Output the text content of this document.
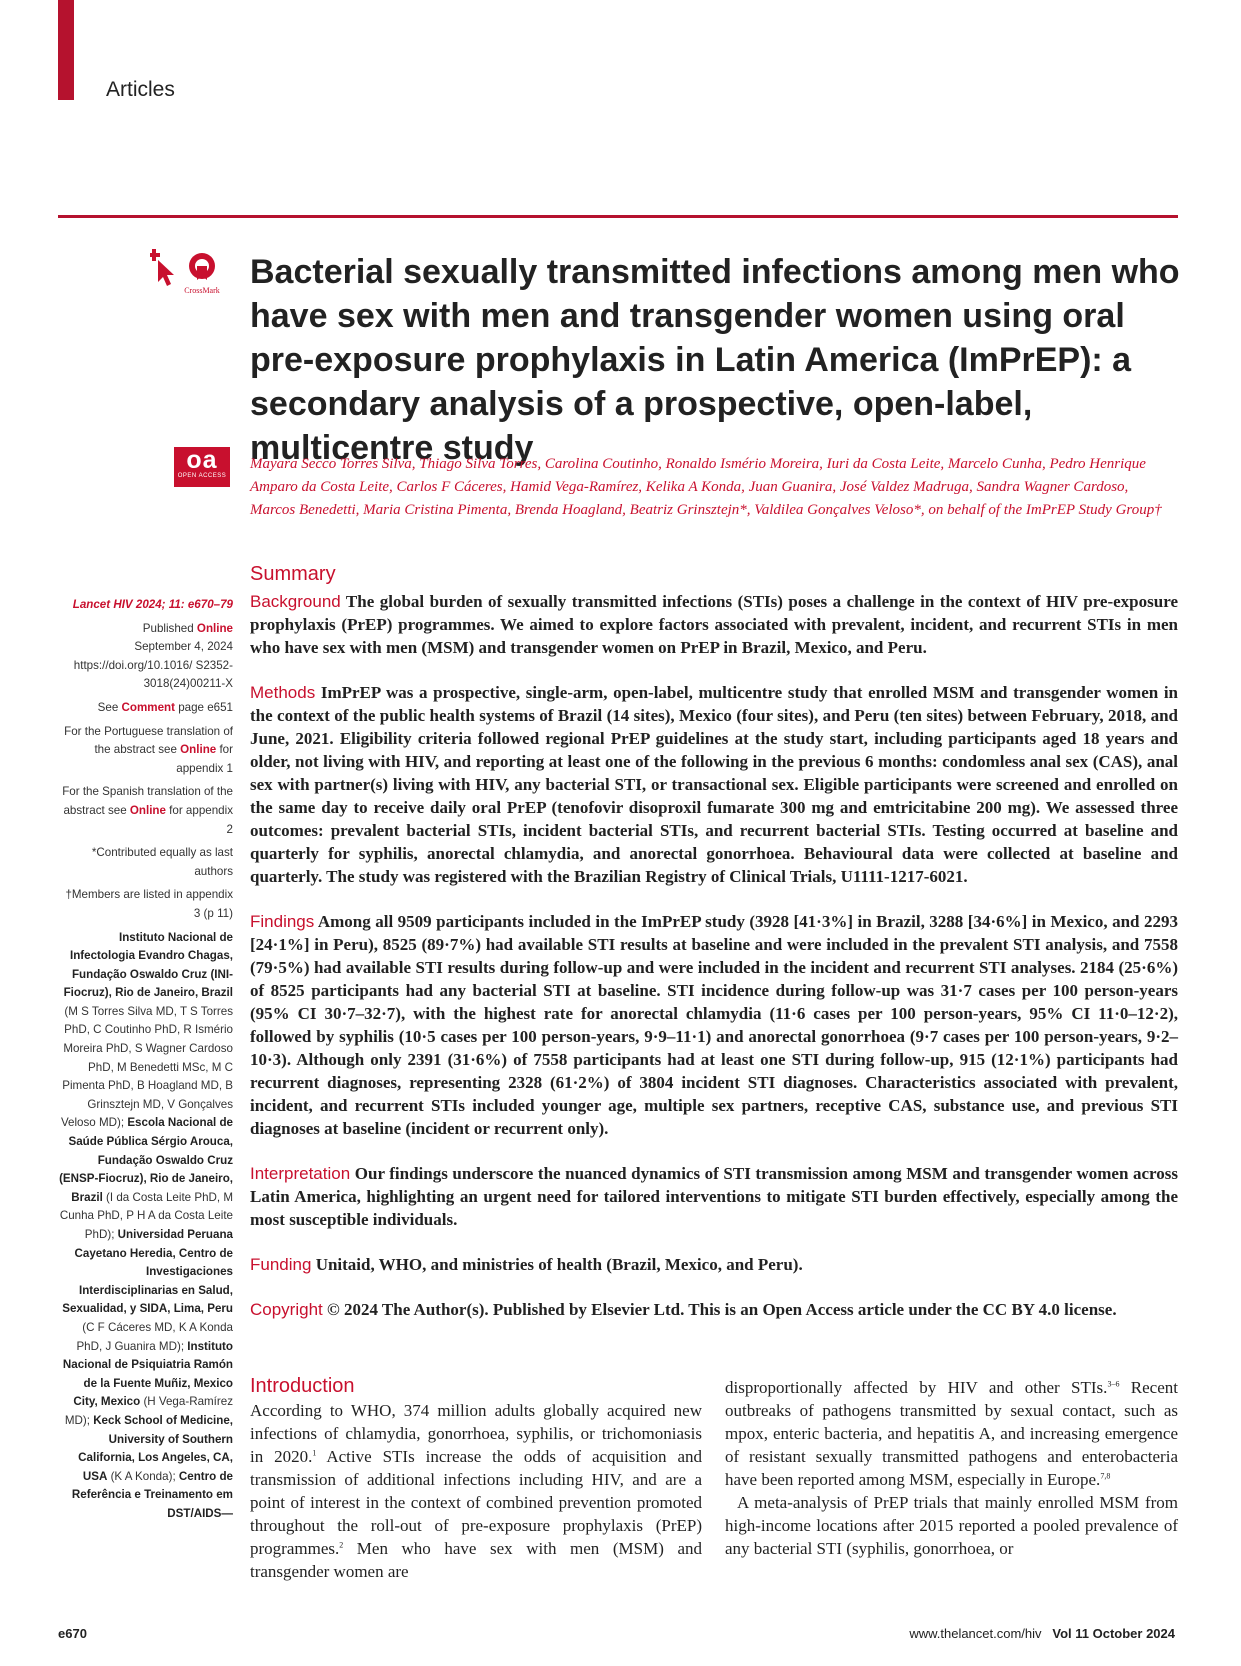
Articles
CrossMark
oa
OPEN ACCESS
Bacterial sexually transmitted infections among men who have sex with men and transgender women using oral pre-exposure prophylaxis in Latin America (ImPrEP): a secondary analysis of a prospective, open-label, multicentre study
Mayara Secco Torres Silva, Thiago Silva Torres, Carolina Coutinho, Ronaldo Ismério Moreira, Iuri da Costa Leite, Marcelo Cunha, Pedro Henrique Amparo da Costa Leite, Carlos F Cáceres, Hamid Vega-Ramírez, Kelika A Konda, Juan Guanira, José Valdez Madruga, Sandra Wagner Cardoso, Marcos Benedetti, Maria Cristina Pimenta, Brenda Hoagland, Beatriz Grinsztejn*, Valdilea Gonçalves Veloso*, on behalf of the ImPrEP Study Group†
Lancet HIV 2024; 11: e670–79
Published Online
September 4, 2024 https://doi.org/10.1016/ S2352-3018(24)00211-X
See Comment page e651
For the Portuguese translation of the abstract see Online for appendix 1
For the Spanish translation of the abstract see Online for appendix 2
*Contributed equally as last authors
†Members are listed in appendix 3 (p 11)
Instituto Nacional de Infectologia Evandro Chagas, Fundação Oswaldo Cruz (INI-Fiocruz), Rio de Janeiro, Brazil (M S Torres Silva MD, T S Torres PhD, C Coutinho PhD, R Ismério Moreira PhD, S Wagner Cardoso PhD, M Benedetti MSc, M C Pimenta PhD, B Hoagland MD, B Grinsztejn MD, V Gonçalves Veloso MD); Escola Nacional de Saúde Pública Sérgio Arouca, Fundação Oswaldo Cruz (ENSP-Fiocruz), Rio de Janeiro, Brazil (I da Costa Leite PhD, M Cunha PhD, P H A da Costa Leite PhD); Universidad Peruana Cayetano Heredia, Centro de Investigaciones Interdisciplinarias en Salud, Sexualidad, y SIDA, Lima, Peru (C F Cáceres MD, K A Konda PhD, J Guanira MD); Instituto Nacional de Psiquiatria Ramón de la Fuente Muñiz, Mexico City, Mexico (H Vega-Ramírez MD); Keck School of Medicine, University of Southern California, Los Angeles, CA, USA (K A Konda); Centro de Referência e Treinamento em DST/AIDS—
Summary

Background The global burden of sexually transmitted infections (STIs) poses a challenge in the context of HIV pre-exposure prophylaxis (PrEP) programmes. We aimed to explore factors associated with prevalent, incident, and recurrent STIs in men who have sex with men (MSM) and transgender women on PrEP in Brazil, Mexico, and Peru.

Methods ImPrEP was a prospective, single-arm, open-label, multicentre study that enrolled MSM and transgender women in the context of the public health systems of Brazil (14 sites), Mexico (four sites), and Peru (ten sites) between February, 2018, and June, 2021. Eligibility criteria followed regional PrEP guidelines at the study start, including participants aged 18 years and older, not living with HIV, and reporting at least one of the following in the previous 6 months: condomless anal sex (CAS), anal sex with partner(s) living with HIV, any bacterial STI, or transactional sex. Eligible participants were screened and enrolled on the same day to receive daily oral PrEP (tenofovir disoproxil fumarate 300 mg and emtricitabine 200 mg). We assessed three outcomes: prevalent bacterial STIs, incident bacterial STIs, and recurrent bacterial STIs. Testing occurred at baseline and quarterly for syphilis, anorectal chlamydia, and anorectal gonorrhoea. Behavioural data were collected at baseline and quarterly. The study was registered with the Brazilian Registry of Clinical Trials, U1111-1217-6021.

Findings Among all 9509 participants included in the ImPrEP study (3928 [41·3%] in Brazil, 3288 [34·6%] in Mexico, and 2293 [24·1%] in Peru), 8525 (89·7%) had available STI results at baseline and were included in the prevalent STI analysis, and 7558 (79·5%) had available STI results during follow-up and were included in the incident and recurrent STI analyses. 2184 (25·6%) of 8525 participants had any bacterial STI at baseline. STI incidence during follow-up was 31·7 cases per 100 person-years (95% CI 30·7–32·7), with the highest rate for anorectal chlamydia (11·6 cases per 100 person-years, 95% CI 11·0–12·2), followed by syphilis (10·5 cases per 100 person-years, 9·9–11·1) and anorectal gonorrhoea (9·7 cases per 100 person-years, 9·2–10·3). Although only 2391 (31·6%) of 7558 participants had at least one STI during follow-up, 915 (12·1%) participants had recurrent diagnoses, representing 2328 (61·2%) of 3804 incident STI diagnoses. Characteristics associated with prevalent, incident, and recurrent STIs included younger age, multiple sex partners, receptive CAS, substance use, and previous STI diagnoses at baseline (incident or recurrent only).

Interpretation Our findings underscore the nuanced dynamics of STI transmission among MSM and transgender women across Latin America, highlighting an urgent need for tailored interventions to mitigate STI burden effectively, especially among the most susceptible individuals.

Funding Unitaid, WHO, and ministries of health (Brazil, Mexico, and Peru).

Copyright © 2024 The Author(s). Published by Elsevier Ltd. This is an Open Access article under the CC BY 4.0 license.

Introduction

According to WHO, 374 million adults globally acquired new infections of chlamydia, gonorrhoea, syphilis, or trichomoniasis in 2020.$^1$ Active STIs increase the odds of acquisition and transmission of additional infections including HIV, and are a point of interest in the context of combined prevention promoted throughout the roll-out of pre-exposure prophylaxis (PrEP) programmes.$^2$ Men who have sex with men (MSM) and transgender women are

disproportionally affected by HIV and other STIs.$^{3-6}$ Recent outbreaks of pathogens transmitted by sexual contact, such as mpox, enteric bacteria, and hepatitis A, and increasing emergence of resistant sexually transmitted pathogens and enterobacteria have been reported among MSM, especially in Europe.$^{7,8}$

A meta-analysis of PrEP trials that mainly enrolled MSM from high-income locations after 2015 reported a pooled prevalence of any bacterial STI (syphilis, gonorrhoea, or

e670	www.thelancet.com/hiv Vol 11 October 2024
